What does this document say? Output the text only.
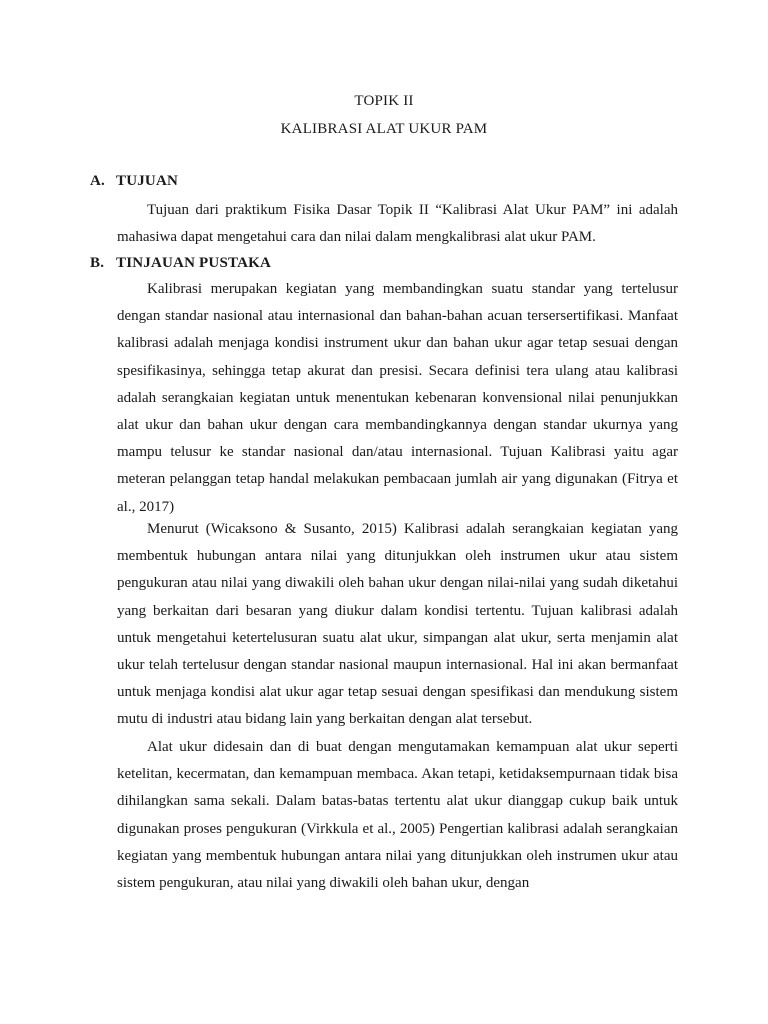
TOPIK II
KALIBRASI ALAT UKUR PAM
A. TUJUAN

Tujuan dari praktikum Fisika Dasar Topik II “Kalibrasi Alat Ukur PAM” ini adalah mahasiwa dapat mengetahui cara dan nilai dalam mengkalibrasi alat ukur PAM.

B. TINJAUAN PUSTAKA

Kalibrasi merupakan kegiatan yang membandingkan suatu standar yang tertelusur dengan standar nasional atau internasional dan bahan-bahan acuan tersersertifikasi. Manfaat kalibrasi adalah menjaga kondisi instrument ukur dan bahan ukur agar tetap sesuai dengan spesifikasinya, sehingga tetap akurat dan presisi. Secara definisi tera ulang atau kalibrasi adalah serangkaian kegiatan untuk menentukan kebenaran konvensional nilai penunjukkan alat ukur dan bahan ukur dengan cara membandingkannya dengan standar ukurnya yang mampu telusur ke standar nasional dan/atau internasional. Tujuan Kalibrasi yaitu agar meteran pelanggan tetap handal melakukan pembacaan jumlah air yang digunakan (Fitrya et al., 2017)

Menurut (Wicaksono & Susanto, 2015) Kalibrasi adalah serangkaian kegiatan yang membentuk hubungan antara nilai yang ditunjukkan oleh instrumen ukur atau sistem pengukuran atau nilai yang diwakili oleh bahan ukur dengan nilai-nilai yang sudah diketahui yang berkaitan dari besaran yang diukur dalam kondisi tertentu. Tujuan kalibrasi adalah untuk mengetahui ketertelusuran suatu alat ukur, simpangan alat ukur, serta menjamin alat ukur telah tertelusur dengan standar nasional maupun internasional. Hal ini akan bermanfaat untuk menjaga kondisi alat ukur agar tetap sesuai dengan spesifikasi dan mendukung sistem mutu di industri atau bidang lain yang berkaitan dengan alat tersebut.

Alat ukur didesain dan di buat dengan mengutamakan kemampuan alat ukur seperti ketelitan, kecermatan, dan kemampuan membaca. Akan tetapi, ketidaksempurnaan tidak bisa dihilangkan sama sekali. Dalam batas-batas tertentu alat ukur dianggap cukup baik untuk digunakan proses pengukuran (Virkkula et al., 2005) Pengertian kalibrasi adalah serangkaian kegiatan yang membentuk hubungan antara nilai yang ditunjukkan oleh instrumen ukur atau sistem pengukuran, atau nilai yang diwakili oleh bahan ukur, dengan
